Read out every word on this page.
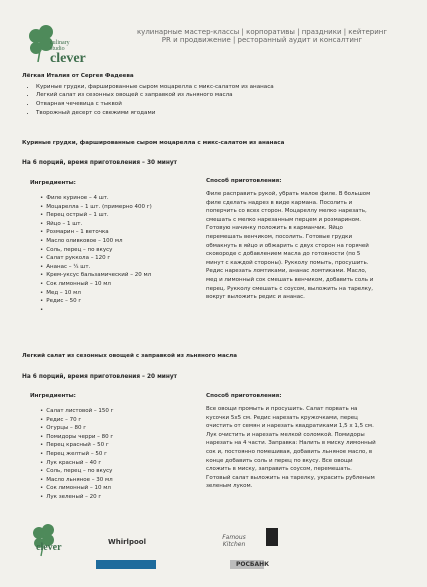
culinary
studio
clever
кулинарные мастер-классы | корпоративы | праздники | кейтеринг
PR и продвижение | ресторанный аудит и консалтинг
Лёгкая Италия от Сергея Фадеева
• Куриные грудки, фаршированные сыром моцарелла с микс-салатом из ананаса
• Легкий салат из сезонных овощей с заправкой из льняного масла
• Отварная чечевица с тыквой
• Творожный десерт со свежими ягодами
Куриные грудки, фаршированные сыром моцарелла с микс-салатом из ананаса
На 6 порций, время приготовления – 30 минут
Ингредиенты:	Способ приготовления:
• Филе куриное – 4 шт.
• Моцарелла – 1 шт. (примерно 400 г)
• Перец острый – 1 шт.
• Яйцо – 1 шт.
• Розмарин – 1 веточка
• Масло оливковое – 100 мл
• Соль, перец – по вкусу
• Салат руккола – 120 г
• Ананас – ¼ шт.
• Крем-уксус бальзамический – 20 мл
• Сок лимонный – 10 мл
• Мед – 10 мл
• Редис – 50 г
•
Филе расправить рукой, убрать малое филе. В большом филе сделать надрез в виде кармана. Посолить и поперчить со всех сторон. Моцареллу мелко нарезать, смешать с мелко нарезанным перцем и розмарином. Готовую начинку положить в карманчик. Яйцо перемешать венчиком, посолить. Готовые грудки обмакнуть в яйцо и обжарить с двух сторон на горячей сковороде с добавлением масла до готовности (по 5 минут с каждой стороны). Рукколу помыть, просушить. Редис нарезать ломтиками, ананас ломтиками. Масло, мед и лимонный сок смешать венчиком, добавить соль и перец. Рукколу смешать с соусом, выложить на тарелку, вокруг выложить редис и ананас.
Легкий салат из сезонных овощей с заправкой из льняного масла
На 6 порций, время приготовления – 20 минут
Ингредиенты:	Способ приготовления:
• Салат листовой – 150 г
• Редис – 70 г
• Огурцы – 80 г
• Помидоры черри – 80 г
• Перец красный – 50 г
• Перец желтый – 50 г
• Лук красный – 40 г
• Соль, перец – по вкусу
• Масло льняное – 30 мл
• Сок лимонный – 10 мл
• Лук зеленый – 20 г
Все овощи промыть и просушить. Салат порвать на кусочки 5х5 см. Редис нарезать кружочками, перец очистить от семян и нарезать квадратиками 1,5 х 1,5 см. Лук очистить и нарезать мелкой соломкой. Помидоры нарезать на 4 части. Заправка: Налить в миску лимонный сок и, постоянно помешивая, добавить льняное масло, в конце добавить соль и перец по вкусу. Все овощи сложить в миску, заправить соусом, перемешать. Готовый салат выложить на тарелку, украсить рубленым зеленым луком.
clever	Whirlpool
Famous Kitchen
РОСБАНК
